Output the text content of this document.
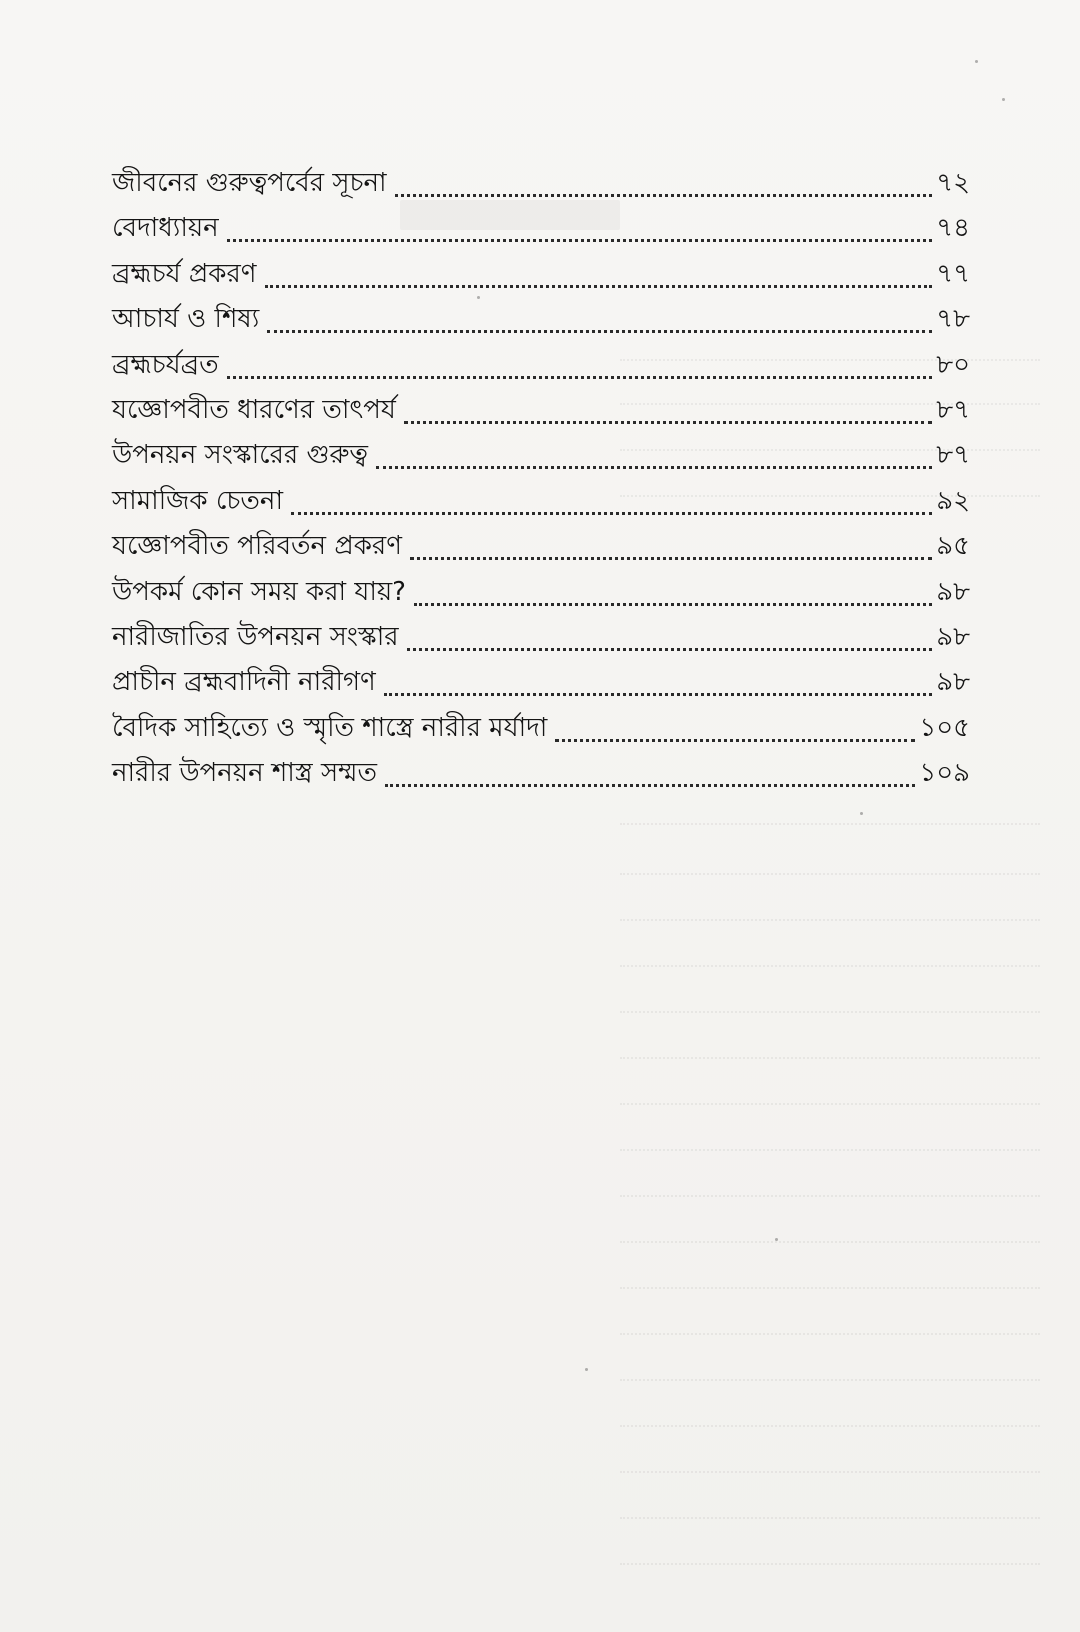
জীবনের গুরুত্বপর্বের সূচনা	৭২
বেদাধ্যায়ন	৭৪
ব্রহ্মচর্য প্রকরণ	৭৭
আচার্য ও শিষ্য	৭৮
ব্রহ্মচর্যব্রত	৮০
যজ্ঞোপবীত ধারণের তাৎপর্য	৮৭
উপনয়ন সংস্কারের গুরুত্ব	৮৭
সামাজিক চেতনা	৯২
যজ্ঞোপবীত পরিবর্তন প্রকরণ	৯৫
উপকর্ম কোন সময় করা যায়?	৯৮
নারীজাতির উপনয়ন সংস্কার	৯৮
প্রাচীন ব্রহ্মবাদিনী নারীগণ	৯৮
বৈদিক সাহিত্যে ও স্মৃতি শাস্ত্রে নারীর মর্যাদা	১০৫
নারীর উপনয়ন শাস্ত্র সম্মত	১০৯
